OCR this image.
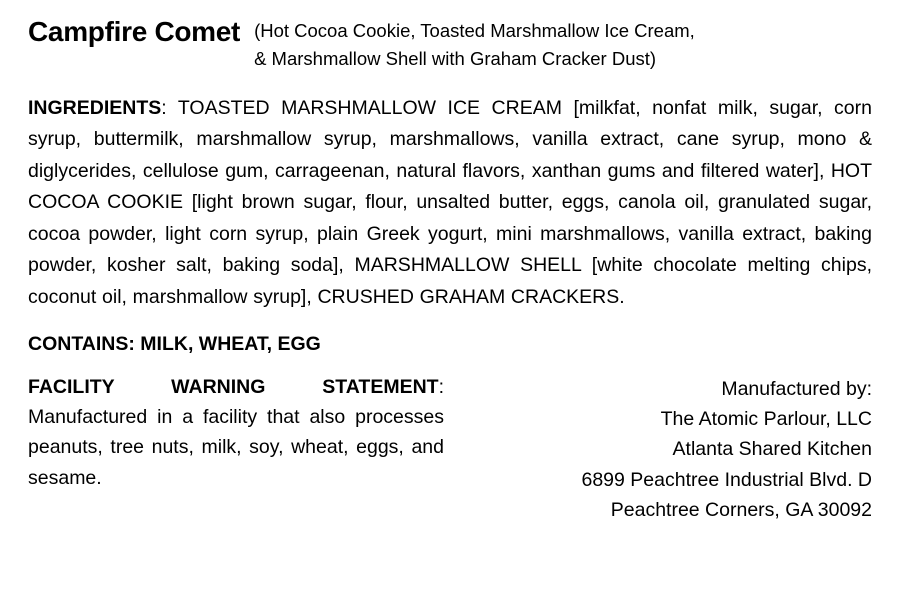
Campfire Comet (Hot Cocoa Cookie, Toasted Marshmallow Ice Cream,
& Marshmallow Shell with Graham Cracker Dust)
INGREDIENTS: TOASTED MARSHMALLOW ICE CREAM [milkfat, nonfat milk, sugar, corn syrup, buttermilk, marshmallow syrup, marshmallows, vanilla extract, cane syrup, mono & diglycerides, cellulose gum, carrageenan, natural flavors, xanthan gums and filtered water], HOT COCOA COOKIE [light brown sugar, flour, unsalted butter, eggs, canola oil, granulated sugar, cocoa powder, light corn syrup, plain Greek yogurt, mini marshmallows, vanilla extract, baking powder, kosher salt, baking soda], MARSHMALLOW SHELL [white chocolate melting chips, coconut oil, marshmallow syrup], CRUSHED GRAHAM CRACKERS.
CONTAINS: MILK, WHEAT, EGG
FACILITY WARNING STATEMENT: Manufactured in a facility that also processes peanuts, tree nuts, milk, soy, wheat, eggs, and sesame.
Manufactured by:
The Atomic Parlour, LLC
Atlanta Shared Kitchen
6899 Peachtree Industrial Blvd. D
Peachtree Corners, GA 30092
